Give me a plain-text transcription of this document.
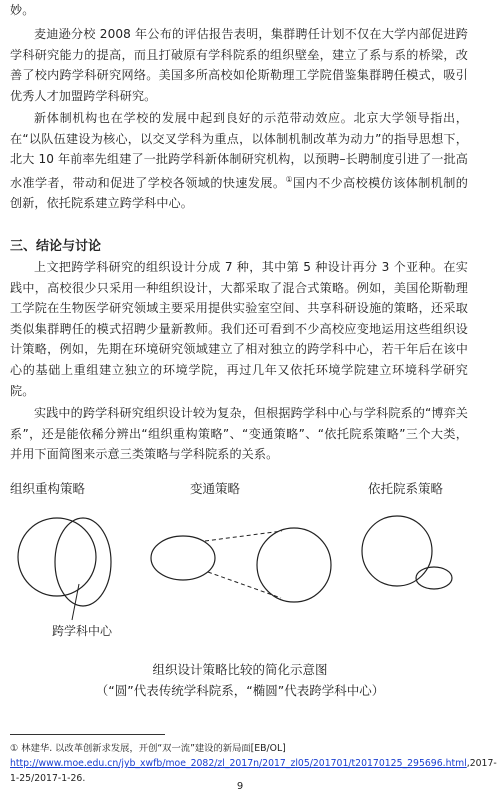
妙。

麦迪逊分校 2008 年公布的评估报告表明，集群聘任计划不仅在大学内部促进跨学科研究能力的提高，而且打破原有学科院系的组织壁垒，建立了系与系的桥梁，改善了校内跨学科研究网络。美国多所高校如伦斯勒理工学院借鉴集群聘任模式，吸引优秀人才加盟跨学科研究。

新体制机构也在学校的发展中起到良好的示范带动效应。北京大学领导指出，在“以队伍建设为核心，以交叉学科为重点，以体制机制改革为动力”的指导思想下，北大 10 年前率先组建了一批跨学科新体制研究机构，以预聘–长聘制度引进了一批高水准学者，带动和促进了学校各领域的快速发展。①国内不少高校模仿该体制机制的创新，依托院系建立跨学科中心。

三、结论与讨论

上文把跨学科研究的组织设计分成 7 种，其中第 5 种设计再分 3 个亚种。在实践中，高校很少只采用一种组织设计，大都采取了混合式策略。例如，美国伦斯勒理工学院在生物医学研究领域主要采用提供实验室空间、共享科研设施的策略，还采取类似集群聘任的模式招聘少量新教师。我们还可看到不少高校应变地运用这些组织设计策略，例如，先期在环境研究领域建立了相对独立的跨学科中心，若干年后在该中心的基础上重组建立独立的环境学院，再过几年又依托环境学院建立环境科学研究院。

实践中的跨学科研究组织设计较为复杂，但根据跨学科中心与学科院系的“博弈关系”，还是能依稀分辨出“组织重构策略”、“变通策略”、“依托院系策略”三个大类，并用下面简图来示意三类策略与学科院系的关系。

组织重构策略	变通策略	依托院系策略
跨学科中心
组织设计策略比较的简化示意图
（“圆”代表传统学科院系，“椭圆”代表跨学科中心）
① 林建华. 以改革创新求发展，开创“双一流”建设的新局面[EB/OL]
http://www.moe.edu.cn/jyb_xwfb/moe_2082/zl_2017n/2017_zl05/201701/t20170125_295696.html,2017-1-25/2017-1-26.
9
